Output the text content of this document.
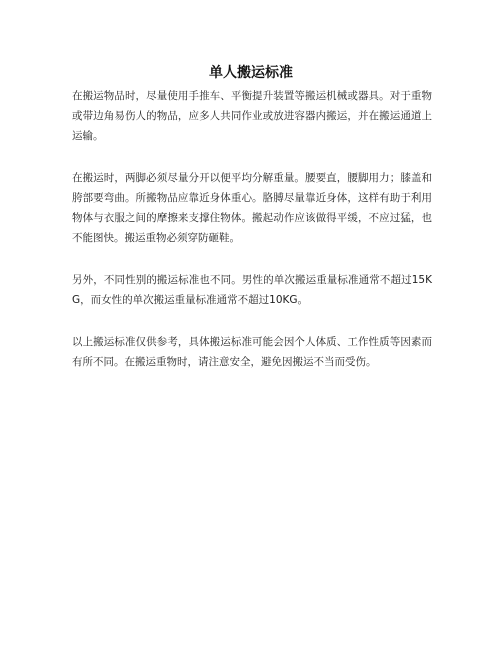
单人搬运标准

在搬运物品时，尽量使用手推车、平衡提升装置等搬运机械或器具。对于重物或带边角易伤人的物品，应多人共同作业或放进容器内搬运，并在搬运通道上运输。

在搬运时，两脚必须尽量分开以便平均分解重量。腰要直，腰脚用力；膝盖和胯部要弯曲。所搬物品应靠近身体重心。胳膊尽量靠近身体，这样有助于利用物体与衣服之间的摩擦来支撑住物体。搬起动作应该做得平缓，不应过猛，也不能图快。搬运重物必须穿防砸鞋。

另外，不同性别的搬运标准也不同。男性的单次搬运重量标准通常不超过15KG，而女性的单次搬运重量标准通常不超过10KG。

以上搬运标准仅供参考，具体搬运标准可能会因个人体质、工作性质等因素而有所不同。在搬运重物时，请注意安全，避免因搬运不当而受伤。
